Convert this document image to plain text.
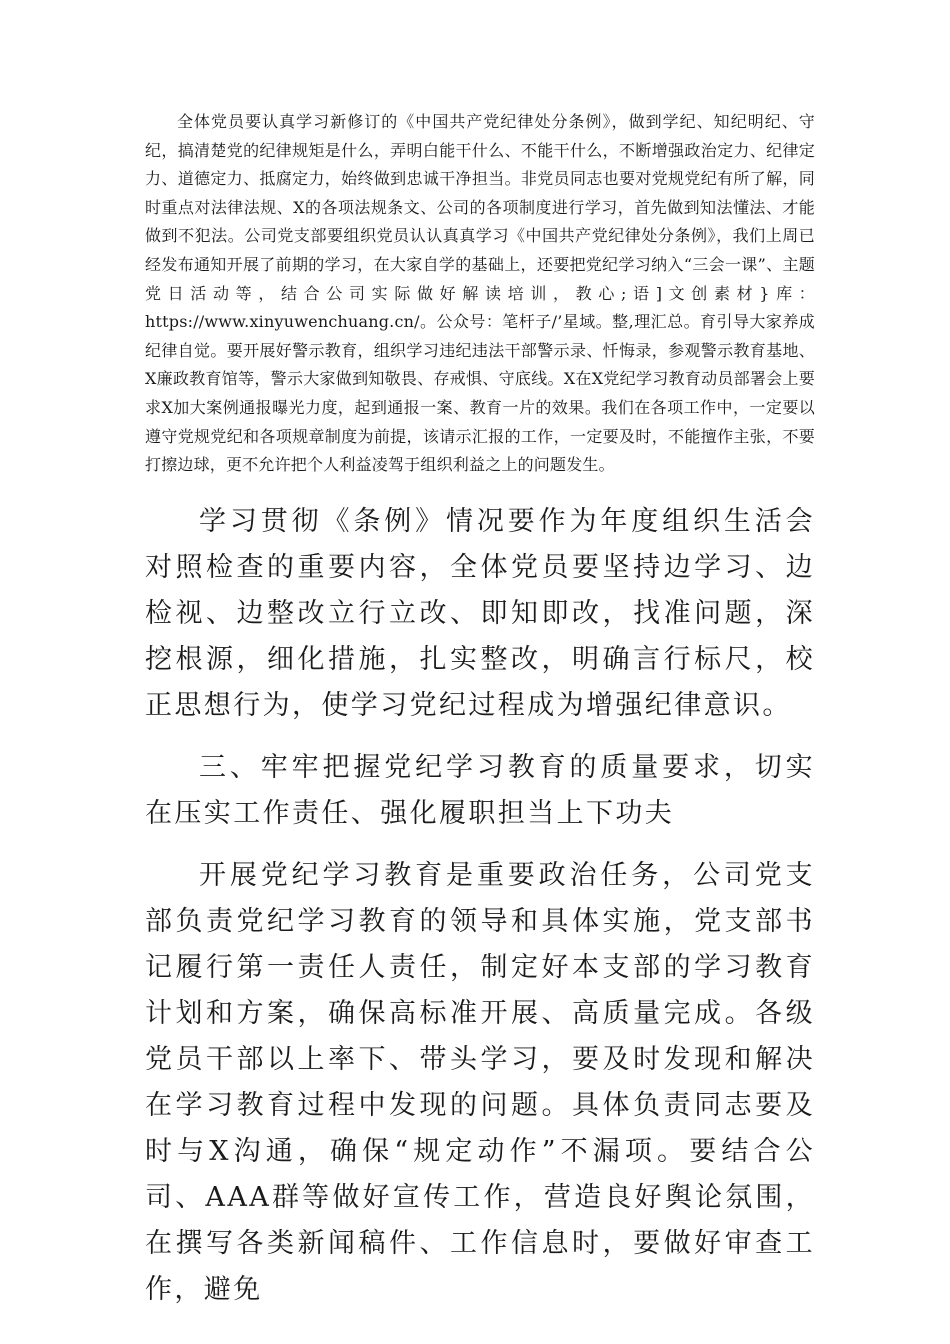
全体党员要认真学习新修订的《中国共产党纪律处分条例》，做到学纪、知纪明纪、守纪，搞清楚党的纪律规矩是什么，弄明白能干什么、不能干什么，不断增强政治定力、纪律定力、道德定力、抵腐定力，始终做到忠诚干净担当。非党员同志也要对党规党纪有所了解，同时重点对法律法规、X的各项法规条文、公司的各项制度进行学习，首先做到知法懂法、才能做到不犯法。公司党支部要组织党员认认真真学习《中国共产党纪律处分条例》，我们上周已经发布通知开展了前期的学习，在大家自学的基础上，还要把党纪学习纳入“三会一课”、主题党日活动等，结合公司实际做好解读培训，教心;语]文创素材}库：https://www.xinyuwenchuang.cn/。公众号：笔杆子/’星域。整,理汇总。育引导大家养成纪律自觉。要开展好警示教育，组织学习违纪违法干部警示录、忏悔录，参观警示教育基地、X廉政教育馆等，警示大家做到知敬畏、存戒惧、守底线。X在X党纪学习教育动员部署会上要求X加大案例通报曝光力度，起到通报一案、教育一片的效果。我们在各项工作中，一定要以遵守党规党纪和各项规章制度为前提，该请示汇报的工作，一定要及时，不能擅作主张，不要打擦边球，更不允许把个人利益凌驾于组织利益之上的问题发生。

学习贯彻《条例》情况要作为年度组织生活会对照检查的重要内容，全体党员要坚持边学习、边检视、边整改立行立改、即知即改，找准问题，深挖根源，细化措施，扎实整改，明确言行标尺，校正思想行为，使学习党纪过程成为增强纪律意识。

三、牢牢把握党纪学习教育的质量要求，切实在压实工作责任、强化履职担当上下功夫

开展党纪学习教育是重要政治任务，公司党支部负责党纪学习教育的领导和具体实施，党支部书记履行第一责任人责任，制定好本支部的学习教育计划和方案，确保高标准开展、高质量完成。各级党员干部以上率下、带头学习，要及时发现和解决在学习教育过程中发现的问题。具体负责同志要及时与X沟通，确保“规定动作”不漏项。要结合公司、AAA群等做好宣传工作，营造良好舆论氛围，在撰写各类新闻稿件、工作信息时，要做好审查工作，避免
